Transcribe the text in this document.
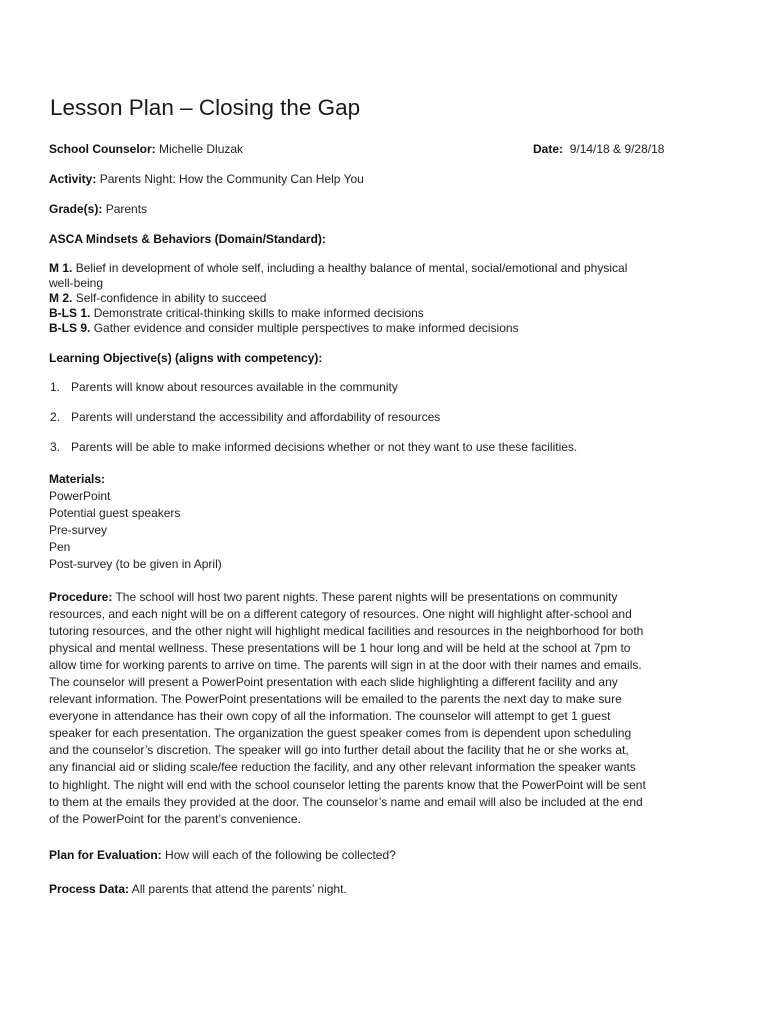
Lesson Plan – Closing the Gap
School Counselor: Michelle Dluzak	Date: 9/14/18 & 9/28/18
Activity: Parents Night: How the Community Can Help You
Grade(s): Parents
ASCA Mindsets & Behaviors (Domain/Standard):
M 1. Belief in development of whole self, including a healthy balance of mental, social/emotional and physical
well-being
M 2. Self-confidence in ability to succeed
B-LS 1. Demonstrate critical-thinking skills to make informed decisions
B-LS 9. Gather evidence and consider multiple perspectives to make informed decisions
Learning Objective(s) (aligns with competency):
1. Parents will know about resources available in the community
2. Parents will understand the accessibility and affordability of resources
3. Parents will be able to make informed decisions whether or not they want to use these facilities.
Materials:
PowerPoint
Potential guest speakers
Pre-survey
Pen
Post-survey (to be given in April)
Procedure: The school will host two parent nights. These parent nights will be presentations on community
resources, and each night will be on a different category of resources. One night will highlight after-school and
tutoring resources, and the other night will highlight medical facilities and resources in the neighborhood for both
physical and mental wellness. These presentations will be 1 hour long and will be held at the school at 7pm to
allow time for working parents to arrive on time. The parents will sign in at the door with their names and emails.
The counselor will present a PowerPoint presentation with each slide highlighting a different facility and any
relevant information. The PowerPoint presentations will be emailed to the parents the next day to make sure
everyone in attendance has their own copy of all the information. The counselor will attempt to get 1 guest
speaker for each presentation. The organization the guest speaker comes from is dependent upon scheduling
and the counselor’s discretion. The speaker will go into further detail about the facility that he or she works at,
any financial aid or sliding scale/fee reduction the facility, and any other relevant information the speaker wants
to highlight. The night will end with the school counselor letting the parents know that the PowerPoint will be sent
to them at the emails they provided at the door. The counselor’s name and email will also be included at the end
of the PowerPoint for the parent’s convenience.
Plan for Evaluation: How will each of the following be collected?
Process Data: All parents that attend the parents’ night.
